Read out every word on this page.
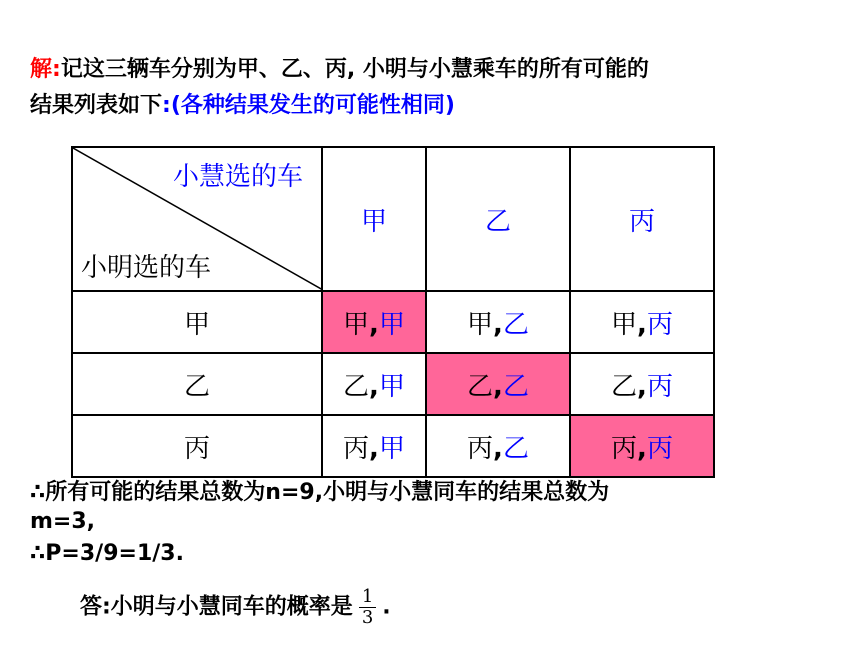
解:记这三辆车分别为甲、乙、丙, 小明与小慧乘车的所有可能的
结果列表如下:(各种结果发生的可能性相同)
小慧选的车
小明选的车	甲	乙	丙
甲	甲,甲	甲,乙	甲,丙
乙	乙,甲	乙,乙	乙,丙
丙	丙,甲	丙,乙	丙,丙
∴所有可能的结果总数为n=9,小明与小慧同车的结果总数为
m=3,
∴P=3/9=1/3.
答:小明与小慧同车的概率是 $\frac{1}{3}$ .
